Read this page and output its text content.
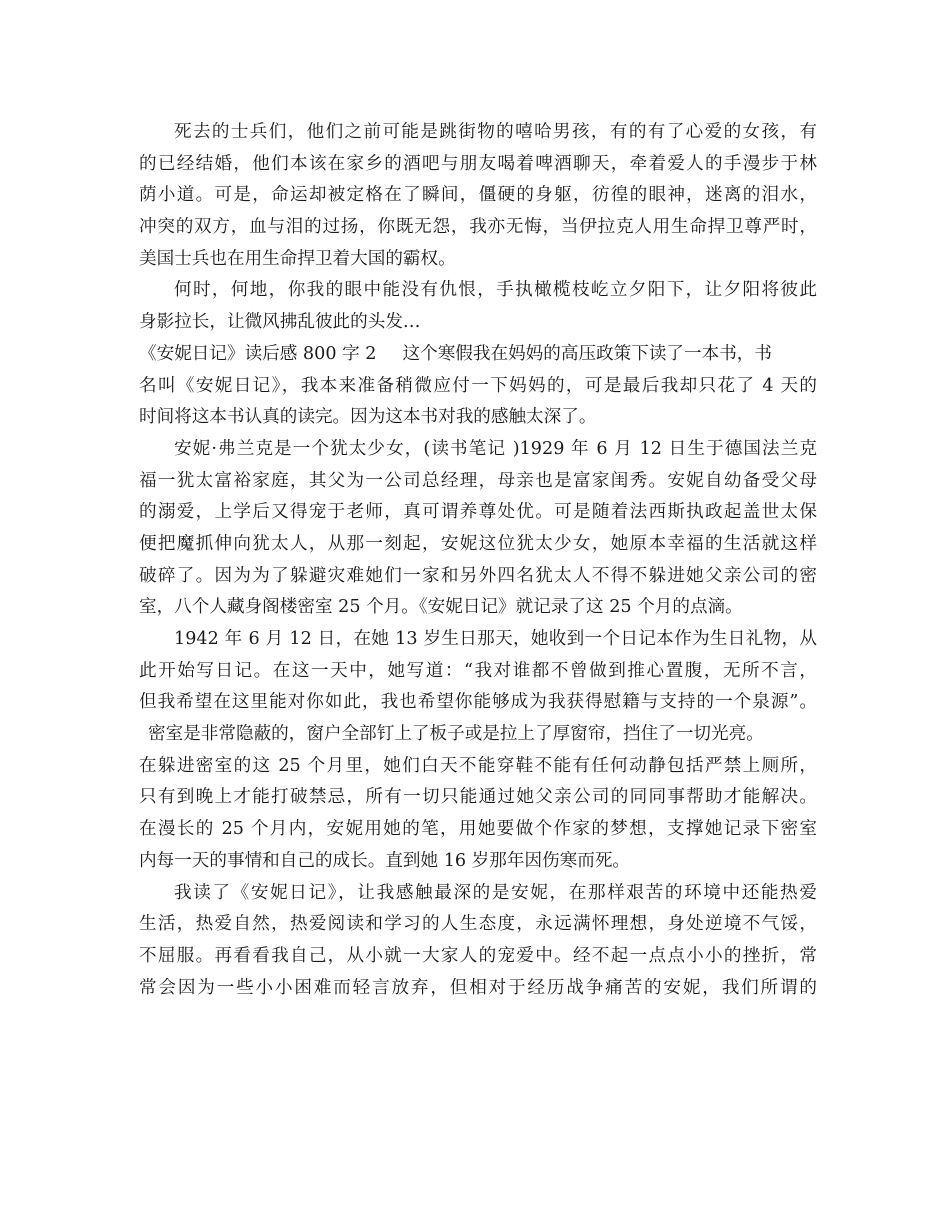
死去的士兵们，他们之前可能是跳街物的嘻哈男孩，有的有了心爱的女孩，有
的已经结婚，他们本该在家乡的酒吧与朋友喝着啤酒聊天，牵着爱人的手漫步于林
荫小道。可是，命运却被定格在了瞬间，僵硬的身躯，彷徨的眼神，迷离的泪水，
冲突的双方，血与泪的过扬，你既无怨，我亦无悔，当伊拉克人用生命捍卫尊严时，
美国士兵也在用生命捍卫着大国的霸权。
何时，何地，你我的眼中能没有仇恨，手执橄榄枝屹立夕阳下，让夕阳将彼此
身影拉长，让微风拂乱彼此的头发…
《安妮日记》读后感 800 字 2 这个寒假我在妈妈的高压政策下读了一本书，书
名叫《安妮日记》，我本来准备稍微应付一下妈妈的，可是最后我却只花了 4 天的
时间将这本书认真的读完。因为这本书对我的感触太深了。
安妮·弗兰克是一个犹太少女，(读书笔记 )1929 年 6 月 12 日生于德国法兰克
福一犹太富裕家庭，其父为一公司总经理，母亲也是富家闺秀。安妮自幼备受父母
的溺爱，上学后又得宠于老师，真可谓养尊处优。可是随着法西斯执政起盖世太保
便把魔抓伸向犹太人，从那一刻起，安妮这位犹太少女，她原本幸福的生活就这样
破碎了。因为为了躲避灾难她们一家和另外四名犹太人不得不躲进她父亲公司的密
室，八个人藏身阁楼密室 25 个月。《安妮日记》就记录了这 25 个月的点滴。
1942 年 6 月 12 日，在她 13 岁生日那天，她收到一个日记本作为生日礼物，从
此开始写日记。在这一天中，她写道：“我对谁都不曾做到推心置腹，无所不言，
但我希望在这里能对你如此，我也希望你能够成为我获得慰籍与支持的一个泉源”。
密室是非常隐蔽的，窗户全部钉上了板子或是拉上了厚窗帘，挡住了一切光亮。
在躲进密室的这 25 个月里，她们白天不能穿鞋不能有任何动静包括严禁上厕所，
只有到晚上才能打破禁忌，所有一切只能通过她父亲公司的同同事帮助才能解决。
在漫长的 25 个月内，安妮用她的笔，用她要做个作家的梦想，支撑她记录下密室
内每一天的事情和自己的成长。直到她 16 岁那年因伤寒而死。
我读了《安妮日记》，让我感触最深的是安妮，在那样艰苦的环境中还能热爱
生活，热爱自然，热爱阅读和学习的人生态度，永远满怀理想，身处逆境不气馁，
不屈服。再看看我自己，从小就一大家人的宠爱中。经不起一点点小小的挫折，常
常会因为一些小小困难而轻言放弃，但相对于经历战争痛苦的安妮，我们所谓的
